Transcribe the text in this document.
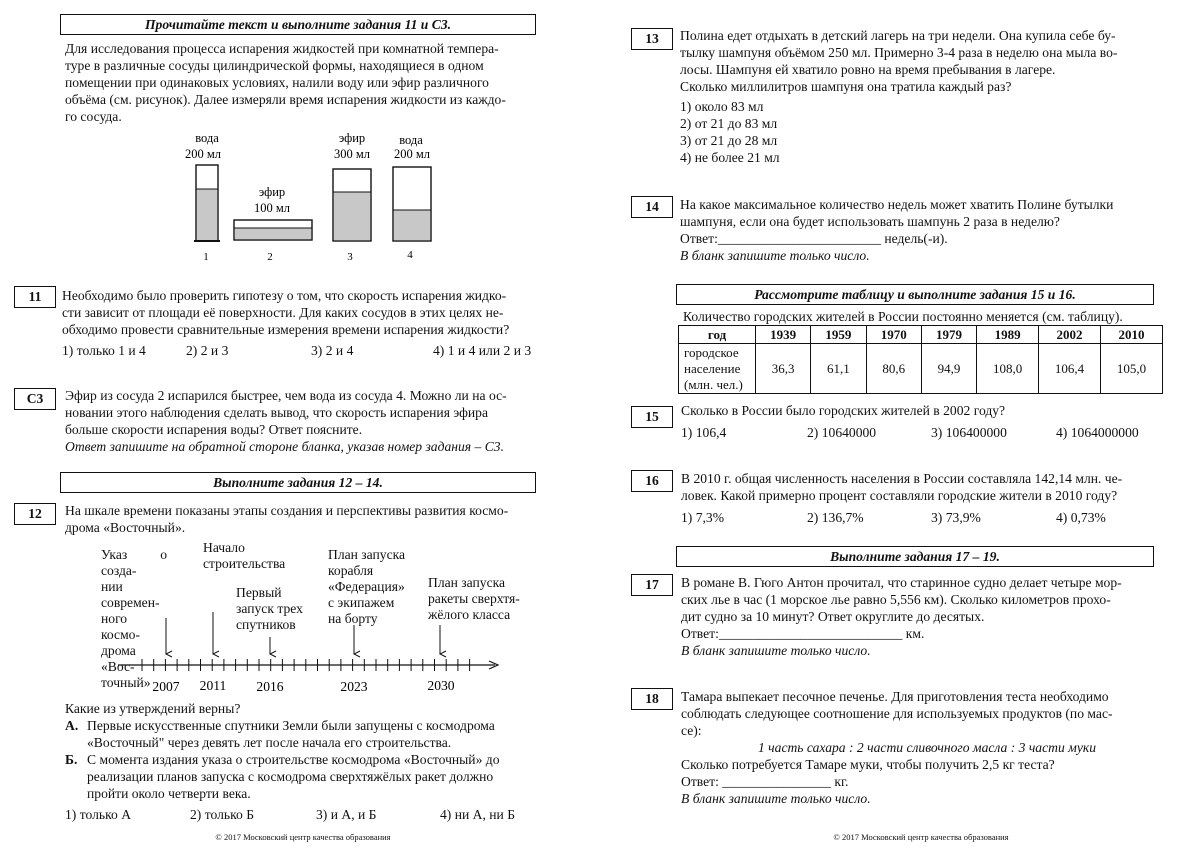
Прочитайте текст и выполните задания 11 и С3.
Для исследования процесса испарения жидкостей при комнатной темпера-
туре в различные сосуды цилиндрической формы, находящиеся в одном
помещении при одинаковых условиях, налили воду или эфир различного
объёма (см. рисунок). Далее измеряли время испарения жидкости из каждо-
го сосуда.
вода
200 мл
эфир
100 мл
эфир
300 мл
вода
200 мл
1	2	3	4
11	Необходимо было проверить гипотезу о том, что скорость испарения жидко-
сти зависит от площади её поверхности. Для каких сосудов в этих целях не-
обходимо провести сравнительные измерения времени испарения жидкости?
1) только 1 и 4	2) 2 и 3	3) 2 и 4	4) 1 и 4 или 2 и 3
С3	Эфир из сосуда 2 испарился быстрее, чем вода из сосуда 4. Можно ли на ос-
новании этого наблюдения сделать вывод, что скорость испарения эфира
больше скорости испарения воды? Ответ поясните.
Ответ запишите на обратной стороне бланка, указав номер задания – С3.
Выполните задания 12 – 14.
12	На шкале времени показаны этапы создания и перспективы развития космо-
дрома «Восточный».
Указ о созда-
нии современ-
ного космо-
дрома «Вос-
точный»
Начало
строительства
Первый
запуск трех
спутников
План запуска
корабля
«Федерация»
с экипажем
на борту
План запуска
ракеты сверхтя-
жёлого класса
2007 2011 2016	2023	2030
Какие из утверждений верны?
А. Первые искусственные спутники Земли были запущены с космодрома
«Восточный" через девять лет после начала его строительства.
Б. С момента издания указа о строительстве космодрома «Восточный» до
реализации планов запуска с космодрома сверхтяжёлых ракет должно
пройти около четверти века.
1) только А	2) только Б	3) и А, и Б	4) ни А, ни Б
© 2017 Московский центр качества образования
13	Полина едет отдыхать в детский лагерь на три недели. Она купила себе бу-
тылку шампуня объёмом 250 мл. Примерно 3-4 раза в неделю она мыла во-
лосы. Шампуня ей хватило ровно на время пребывания в лагере.
Сколько миллилитров шампуня она тратила каждый раз?
1) около 83 мл
2) от 21 до 83 мл
3) от 21 до 28 мл
4) не более 21 мл
14	На какое максимальное количество недель может хватить Полине бутылки
шампуня, если она будет использовать шампунь 2 раза в неделю?
Ответ:________________________ недель(-и).
В бланк запишите только число.
Рассмотрите таблицу и выполните задания 15 и 16.
Количество городских жителей в России постоянно меняется (см. таблицу).
год	1939	1959	1970	1979	1989	2002	2010

городское
население
(млн. чел.)	36,3	61,1	80,6	94,9	108,0	106,4	105,0
15	Сколько в России было городских жителей в 2002 году?
1) 106,4	2) 10640000	3) 106400000	4) 1064000000
16	В 2010 г. общая численность населения в России составляла 142,14 млн. че-
ловек. Какой примерно процент составляли городские жители в 2010 году?
1) 7,3%	2) 136,7%	3) 73,9%	4) 0,73%
Выполните задания 17 – 19.
17	В романе В. Гюго Антон прочитал, что старинное судно делает четыре мор-
ских лье в час (1 морское лье равно 5,556 км). Сколько километров прохо-
дит судно за 10 минут? Ответ округлите до десятых.
Ответ:___________________________ км.
В бланк запишите только число.
18	Тамара выпекает песочное печенье. Для приготовления теста необходимо
соблюдать следующее соотношение для используемых продуктов (по мас-
се):
1 часть сахара : 2 части сливочного масла : 3 части муки
Сколько потребуется Тамаре муки, чтобы получить 2,5 кг теста?
Ответ: ________________ кг.
В бланк запишите только число.
© 2017 Московский центр качества образования
